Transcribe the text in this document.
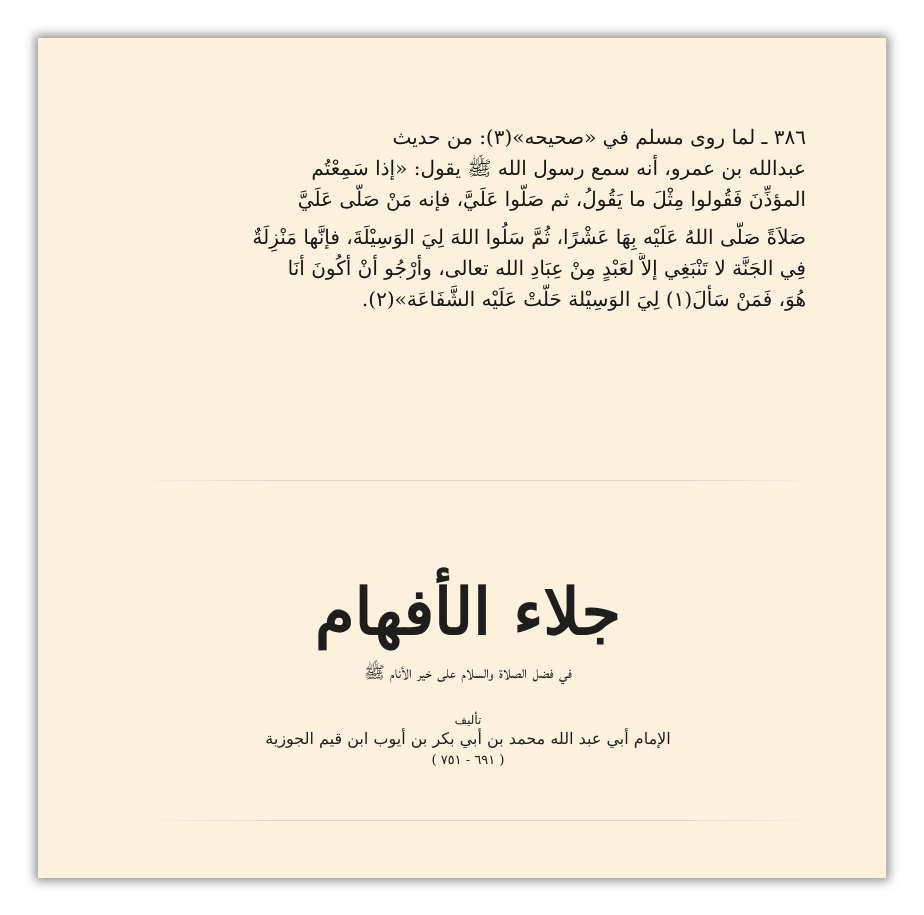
٣٨٦ ـ لما روى مسلم في «صحيحه»(٣): من حديث
عبدالله بن عمرو، أنه سمع رسول الله ﷺ يقول: «إذا سَمِعْتُم
المؤذِّنَ فَقُولوا مِثْلَ ما يَقُولُ، ثم صَلُّوا عَلَيَّ، فإنه مَنْ صَلَّى عَلَيَّ
صَلاَةً صَلَّى اللهُ عَلَيْه بِهَا عَشْرًا، ثُمَّ سَلُوا اللهَ لِيَ الوَسِيْلَةَ، فإنَّها مَنْزِلَةٌ
فِي الجَنَّة لا تَنْبَغِي إلاَّ لعَبْدٍ مِنْ عِبَادِ الله تعالى، وأرْجُو أنْ أكُونَ أنَا
هُوَ، فَمَنْ سَأَلَ(١) لِيَ الوَسِيْلة حَلَّتْ عَلَيْه الشَّفَاعَة»(٢).
جلاء الأفهام
في فضل الصلاة والسلام على خير الأنام ﷺ
تأليف
الإمام أبي عبد الله محمد بن أبي بكر بن أيوب ابن قيم الجوزية
( ٦٩١ - ٧٥١ )
